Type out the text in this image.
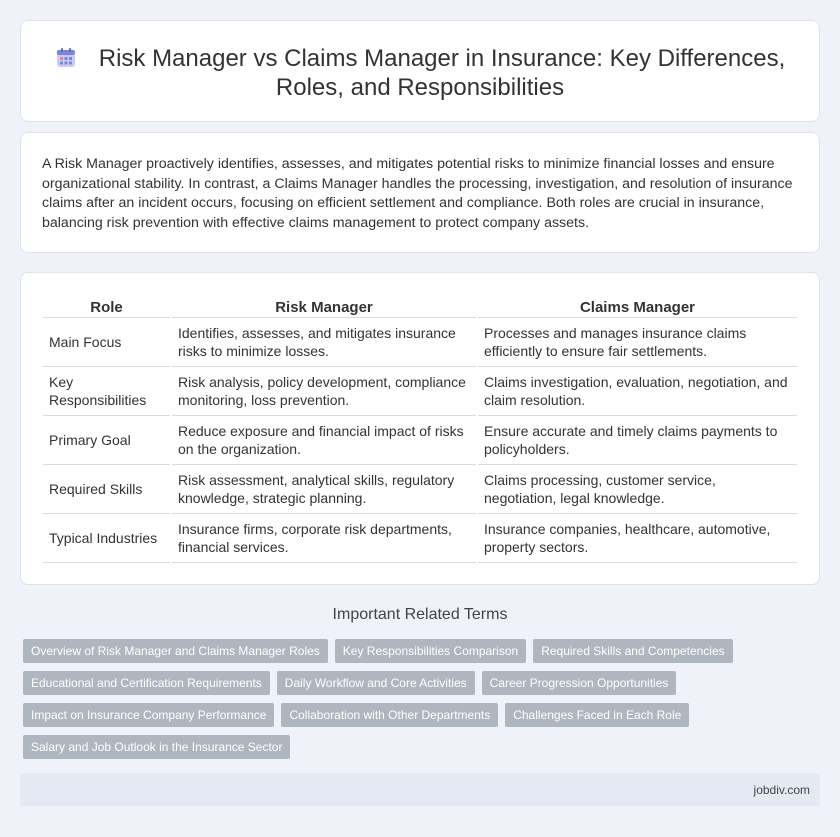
Risk Manager vs Claims Manager in Insurance: Key Differences,
Roles, and Responsibilities

A Risk Manager proactively identifies, assesses, and mitigates potential risks to minimize financial losses and ensure organizational stability. In contrast, a Claims Manager handles the processing, investigation, and resolution of insurance claims after an incident occurs, focusing on efficient settlement and compliance. Both roles are crucial in insurance, balancing risk prevention with effective claims management to protect company assets.

Role	Risk Manager	Claims Manager
Main Focus	Identifies, assesses, and mitigates insurance risks to minimize losses.	Processes and manages insurance claims efficiently to ensure fair settlements.
Key Responsibilities	Risk analysis, policy development, compliance monitoring, loss prevention.	Claims investigation, evaluation, negotiation, and claim resolution.
Primary Goal	Reduce exposure and financial impact of risks on the organization.	Ensure accurate and timely claims payments to policyholders.
Required Skills	Risk assessment, analytical skills, regulatory knowledge, strategic planning.	Claims processing, customer service, negotiation, legal knowledge.
Typical Industries	Insurance firms, corporate risk departments, financial services.	Insurance companies, healthcare, automotive, property sectors.
Important Related Terms
Overview of Risk Manager and Claims Manager Roles	Key Responsibilities Comparison	Required Skills and Competencies
Educational and Certification Requirements	Daily Workflow and Core Activities	Career Progression Opportunities
Impact on Insurance Company Performance	Collaboration with Other Departments	Challenges Faced in Each Role
Salary and Job Outlook in the Insurance Sector
jobdiv.com
